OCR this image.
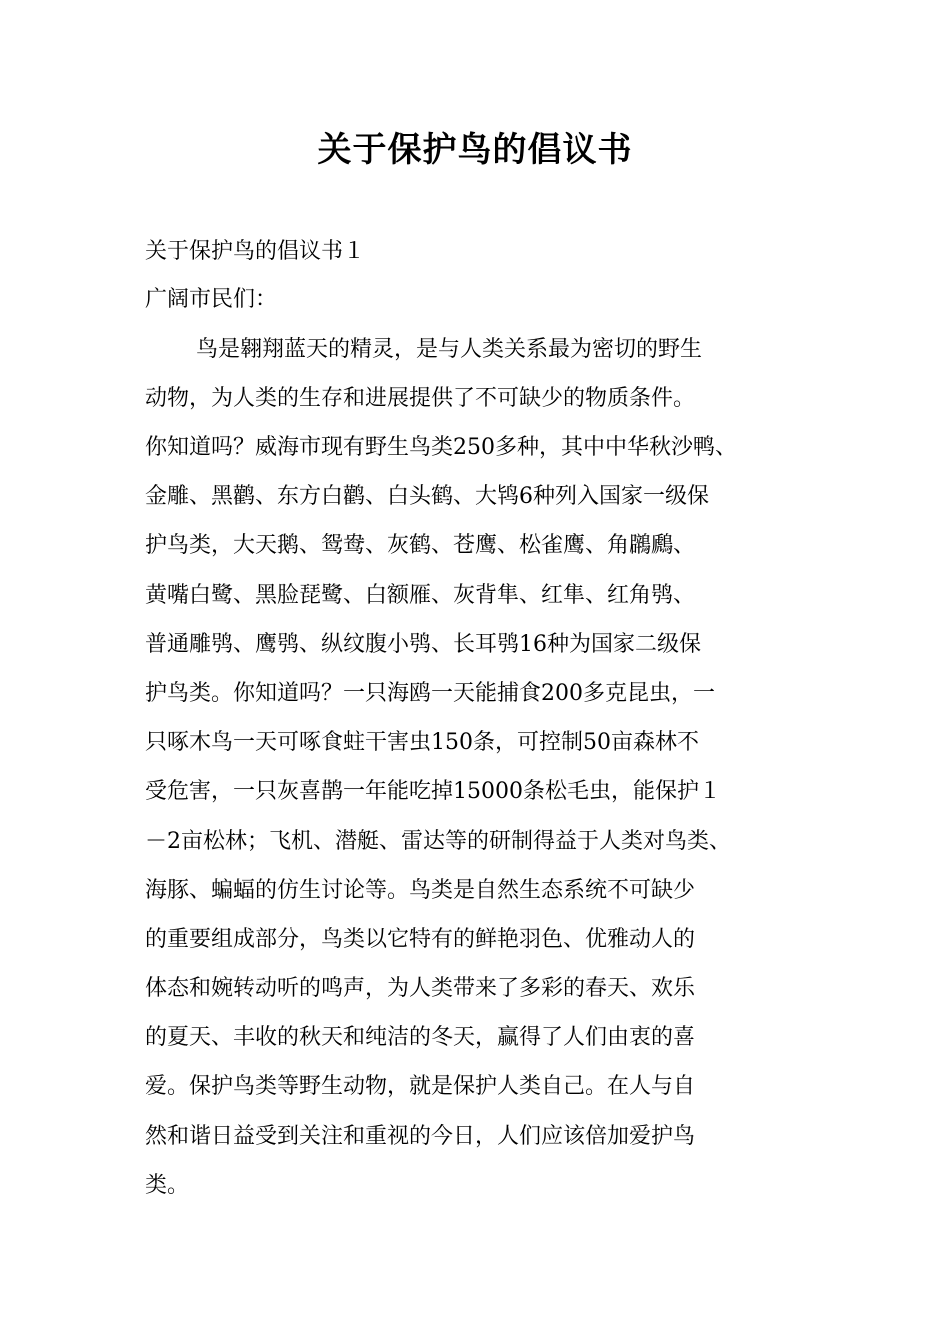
关于保护鸟的倡议书

关于保护鸟的倡议书１

广阔市民们：

鸟是翱翔蓝天的精灵，是与人类关系最为密切的野生

动物，为人类的生存和进展提供了不可缺少的物质条件。

你知道吗？威海市现有野生鸟类250多种，其中中华秋沙鸭、

金雕、黑鹳、东方白鹳、白头鹤、大鸨6种列入国家一级保

护鸟类，大天鹅、鸳鸯、灰鹤、苍鹰、松雀鹰、角鸊鷉、

黄嘴白鹭、黑脸琵鹭、白额雁、灰背隼、红隼、红角鸮、

普通雕鸮、鹰鸮、纵纹腹小鸮、长耳鸮16种为国家二级保

护鸟类。你知道吗？一只海鸥一天能捕食200多克昆虫，一

只啄木鸟一天可啄食蛀干害虫150条，可控制50亩森林不

受危害，一只灰喜鹊一年能吃掉15000条松毛虫，能保护１

－2亩松林；飞机、潜艇、雷达等的研制得益于人类对鸟类、

海豚、蝙蝠的仿生讨论等。鸟类是自然生态系统不可缺少

的重要组成部分，鸟类以它特有的鲜艳羽色、优雅动人的

体态和婉转动听的鸣声，为人类带来了多彩的春天、欢乐

的夏天、丰收的秋天和纯洁的冬天，赢得了人们由衷的喜

爱。保护鸟类等野生动物，就是保护人类自己。在人与自

然和谐日益受到关注和重视的今日，人们应该倍加爱护鸟

类。
